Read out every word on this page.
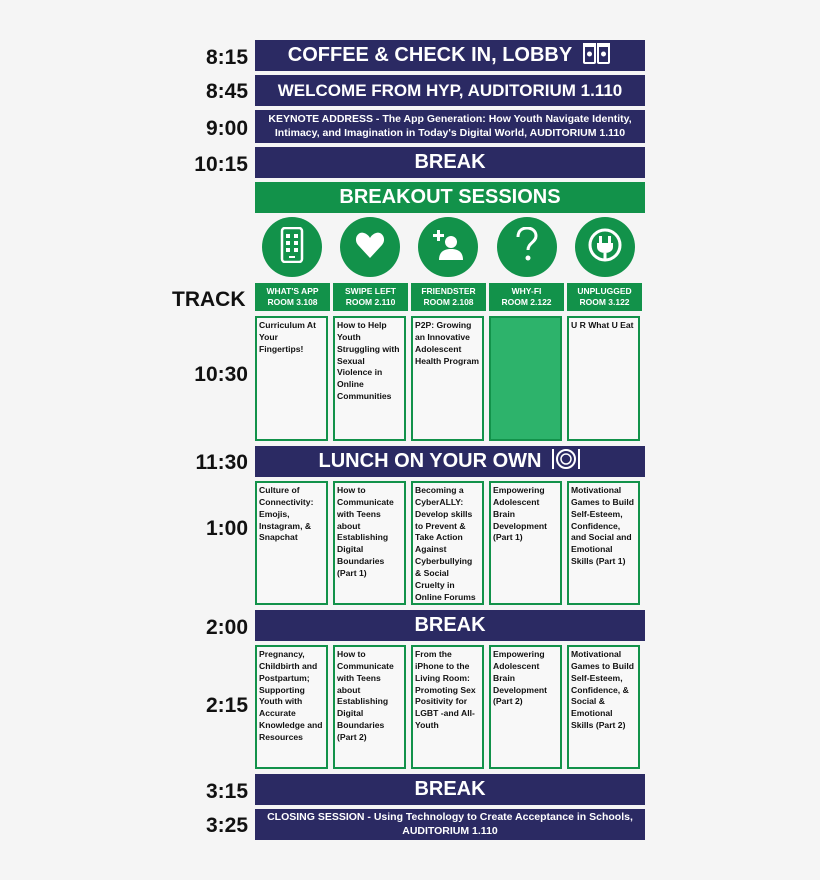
8:15
8:45
9:00
10:15
10:30
11:30
1:00
2:00
2:15
3:15
3:25
COFFEE & CHECK IN, LOBBY
WELCOME FROM HYP, AUDITORIUM 1.110
KEYNOTE ADDRESS - The App Generation: How Youth Navigate Identity,
Intimacy, and Imagination in Today's Digital World, AUDITORIUM 1.110
BREAK
BREAKOUT SESSIONS
TRACK	WHAT'S APP
ROOM 3.108
SWIPE LEFT
ROOM 2.110
FRIENDSTER
ROOM 2.108
WHY-FI
ROOM 2.122
UNPLUGGED
ROOM 3.122
Curriculum At Your Fingertips!
How to Help Youth Struggling with Sexual Violence in Online Communities
P2P: Growing an Innovative Adolescent Health Program
U R What U Eat
LUNCH ON YOUR OWN
Culture of Connectivity: Emojis, Instagram, & Snapchat
How to Communicate with Teens about Establishing Digital Boundaries (Part 1)
Becoming a CyberALLY: Develop skills to Prevent & Take Action Against Cyberbullying & Social Cruelty in Online Forums
Empowering Adolescent Brain Development (Part 1)
Motivational Games to Build Self-Esteem, Confidence, and Social and Emotional Skills (Part 1)
BREAK
Pregnancy, Childbirth and Postpartum; Supporting Youth with Accurate Knowledge and Resources
How to Communicate with Teens about Establishing Digital Boundaries (Part 2)
From the iPhone to the Living Room: Promoting Sex Positivity for LGBT -and All- Youth
Empowering Adolescent Brain Development (Part 2)
Motivational Games to Build Self-Esteem, Confidence, & Social & Emotional Skills (Part 2)
BREAK
CLOSING SESSION - Using Technology to Create Acceptance in Schools,
AUDITORIUM 1.110
